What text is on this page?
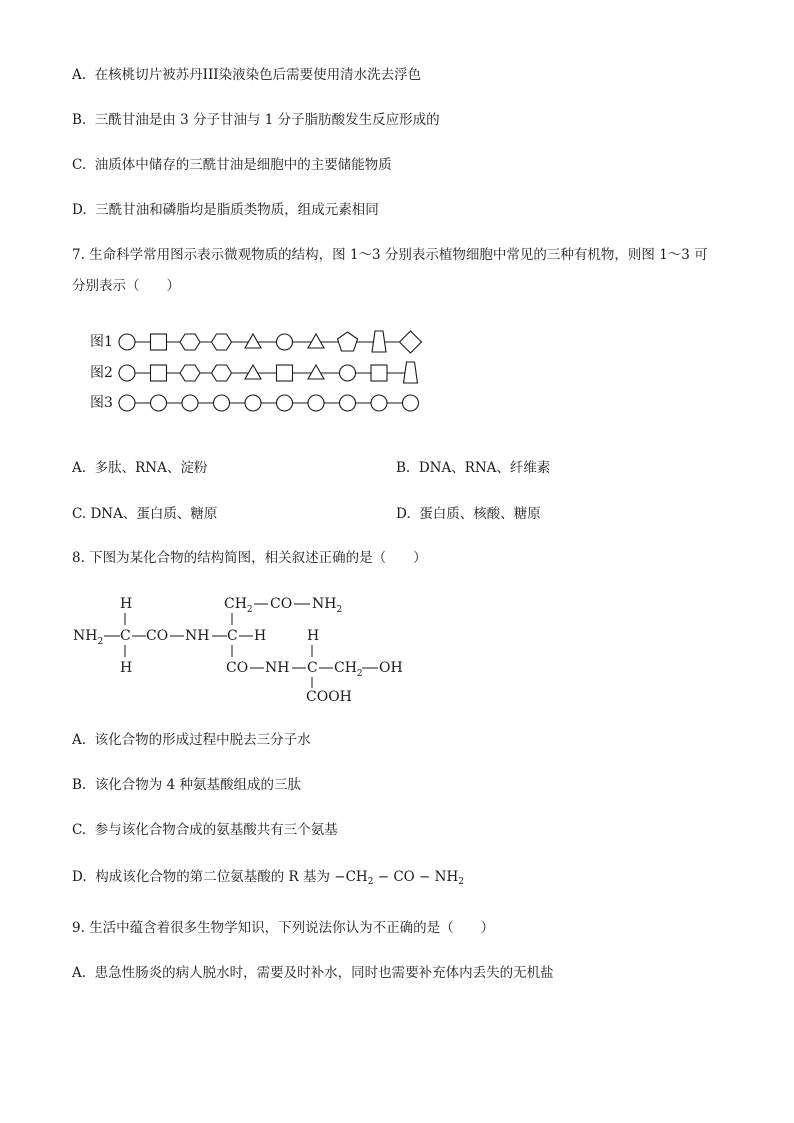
A. 在核桃切片被苏丹III染液染色后需要使用清水洗去浮色
B. 三酰甘油是由 3 分子甘油与 1 分子脂肪酸发生反应形成的
C. 油质体中储存的三酰甘油是细胞中的主要储能物质
D. 三酰甘油和磷脂均是脂质类物质，组成元素相同
7. 生命科学常用图示表示微观物质的结构，图 1～3 分别表示植物细胞中常见的三种有机物，则图 1～3 可
分别表示（　　）
图1
图2
图3
A. 多肽、RNA、淀粉	B. DNA、RNA、纤维素
C. DNA、蛋白质、糖原	D. 蛋白质、核酸、糖原
8. 下图为某化合物的结构简图，相关叙述正确的是（　　）
H	$CH_2$ CO $NH_2$
$NH_2$ C CO NH C H	H
H	CO NH C $CH_2$ OH
COOH
A. 该化合物的形成过程中脱去三分子水
B. 该化合物为 4 种氨基酸组成的三肽
C. 参与该化合物合成的氨基酸共有三个氨基
D. 构成该化合物的第二位氨基酸的 R 基为 $-CH_2$ − CO − $NH_2$
9. 生活中蕴含着很多生物学知识，下列说法你认为不正确的是（　　）
A. 患急性肠炎的病人脱水时，需要及时补水，同时也需要补充体内丢失的无机盐
